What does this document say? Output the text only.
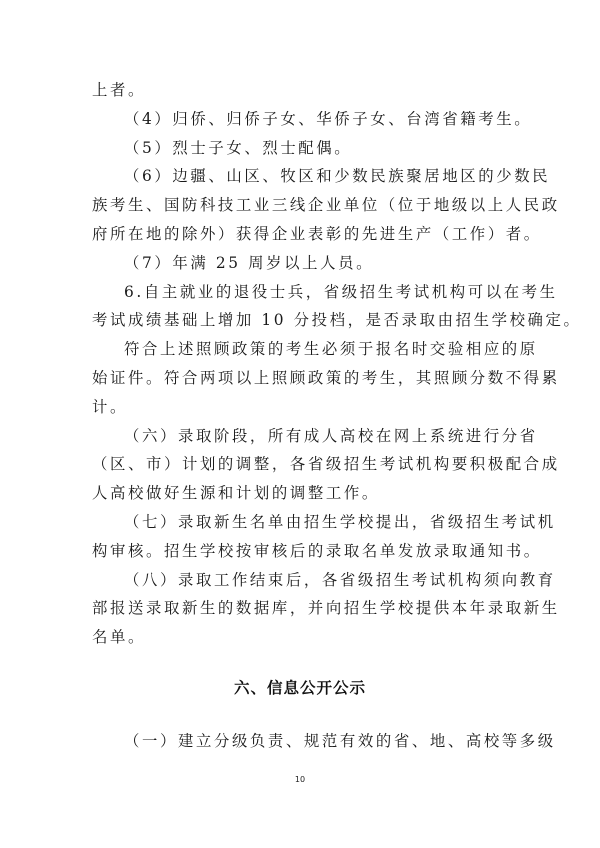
上者。
（4）归侨、归侨子女、华侨子女、台湾省籍考生。
（5）烈士子女、烈士配偶。
（6）边疆、山区、牧区和少数民族聚居地区的少数民
族考生、国防科技工业三线企业单位（位于地级以上人民政
府所在地的除外）获得企业表彰的先进生产（工作）者。
（7）年满 25 周岁以上人员。
6.自主就业的退役士兵，省级招生考试机构可以在考生
考试成绩基础上增加 10 分投档，是否录取由招生学校确定。
符合上述照顾政策的考生必须于报名时交验相应的原
始证件。符合两项以上照顾政策的考生，其照顾分数不得累
计。
（六）录取阶段，所有成人高校在网上系统进行分省
（区、市）计划的调整，各省级招生考试机构要积极配合成
人高校做好生源和计划的调整工作。
（七）录取新生名单由招生学校提出，省级招生考试机
构审核。招生学校按审核后的录取名单发放录取通知书。
（八）录取工作结束后，各省级招生考试机构须向教育
部报送录取新生的数据库，并向招生学校提供本年录取新生
名单。
六、信息公开公示
（一）建立分级负责、规范有效的省、地、高校等多级
10
